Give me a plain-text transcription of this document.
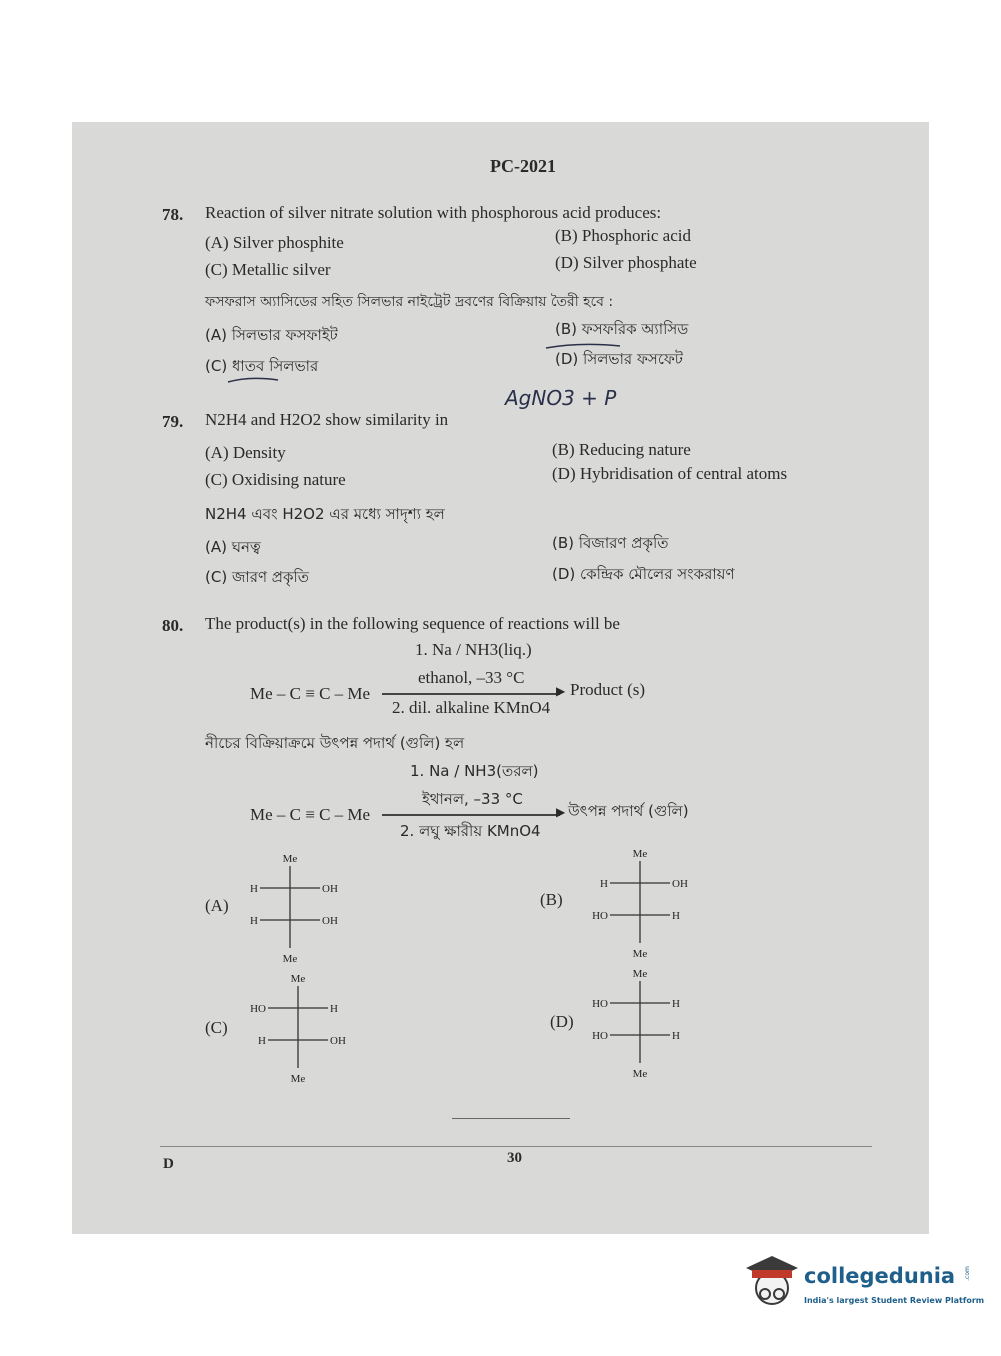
PC-2021
78. Reaction of silver nitrate solution with phosphorous acid produces:
(A) Silver phosphite	(B) Phosphoric acid
(C) Metallic silver	(D) Silver phosphate
ফসফরাস অ্যাসিডের সহিত সিলভার নাইট্রেট দ্রবণের বিক্রিয়ায় তৈরী হবে :
(A) সিলভার ফসফাইট	(B) ফসফরিক অ্যাসিড
(C) ধাতব সিলভার	(D) সিলভার ফসফেট
AgNO3 + P
79. N2H4 and H2O2 show similarity in
(A) Density	(B) Reducing nature
(C) Oxidising nature	(D) Hybridisation of central atoms
N2H4 এবং H2O2 এর মধ্যে সাদৃশ্য হল
(A) ঘনত্ব	(B) বিজারণ প্রকৃতি
(C) জারণ প্রকৃতি	(D) কেন্দ্রিক মৌলের সংকরায়ণ
80. The product(s) in the following sequence of reactions will be
1. Na / NH3(liq.)
ethanol, –33 °C
Me – C ≡ C – Me	▶ Product (s)
2. dil. alkaline KMnO4
নীচের বিক্রিয়াক্রমে উৎপন্ন পদার্থ (গুলি) হল
1. Na / NH3(তরল)
ইথানল, –33 °C
Me – C ≡ C – Me	▶ উৎপন্ন পদার্থ (গুলি)
2. লঘু ক্ষারীয় KMnO4
(A)
Me
Me
H	OH
H	OH
(B)
Me
Me
H	OH
HO	H
(C)
Me
Me
HO	H
H	OH
(D)
Me
Me
HO	H
HO	H
D	30
collegedunia .com
India's largest Student Review Platform
